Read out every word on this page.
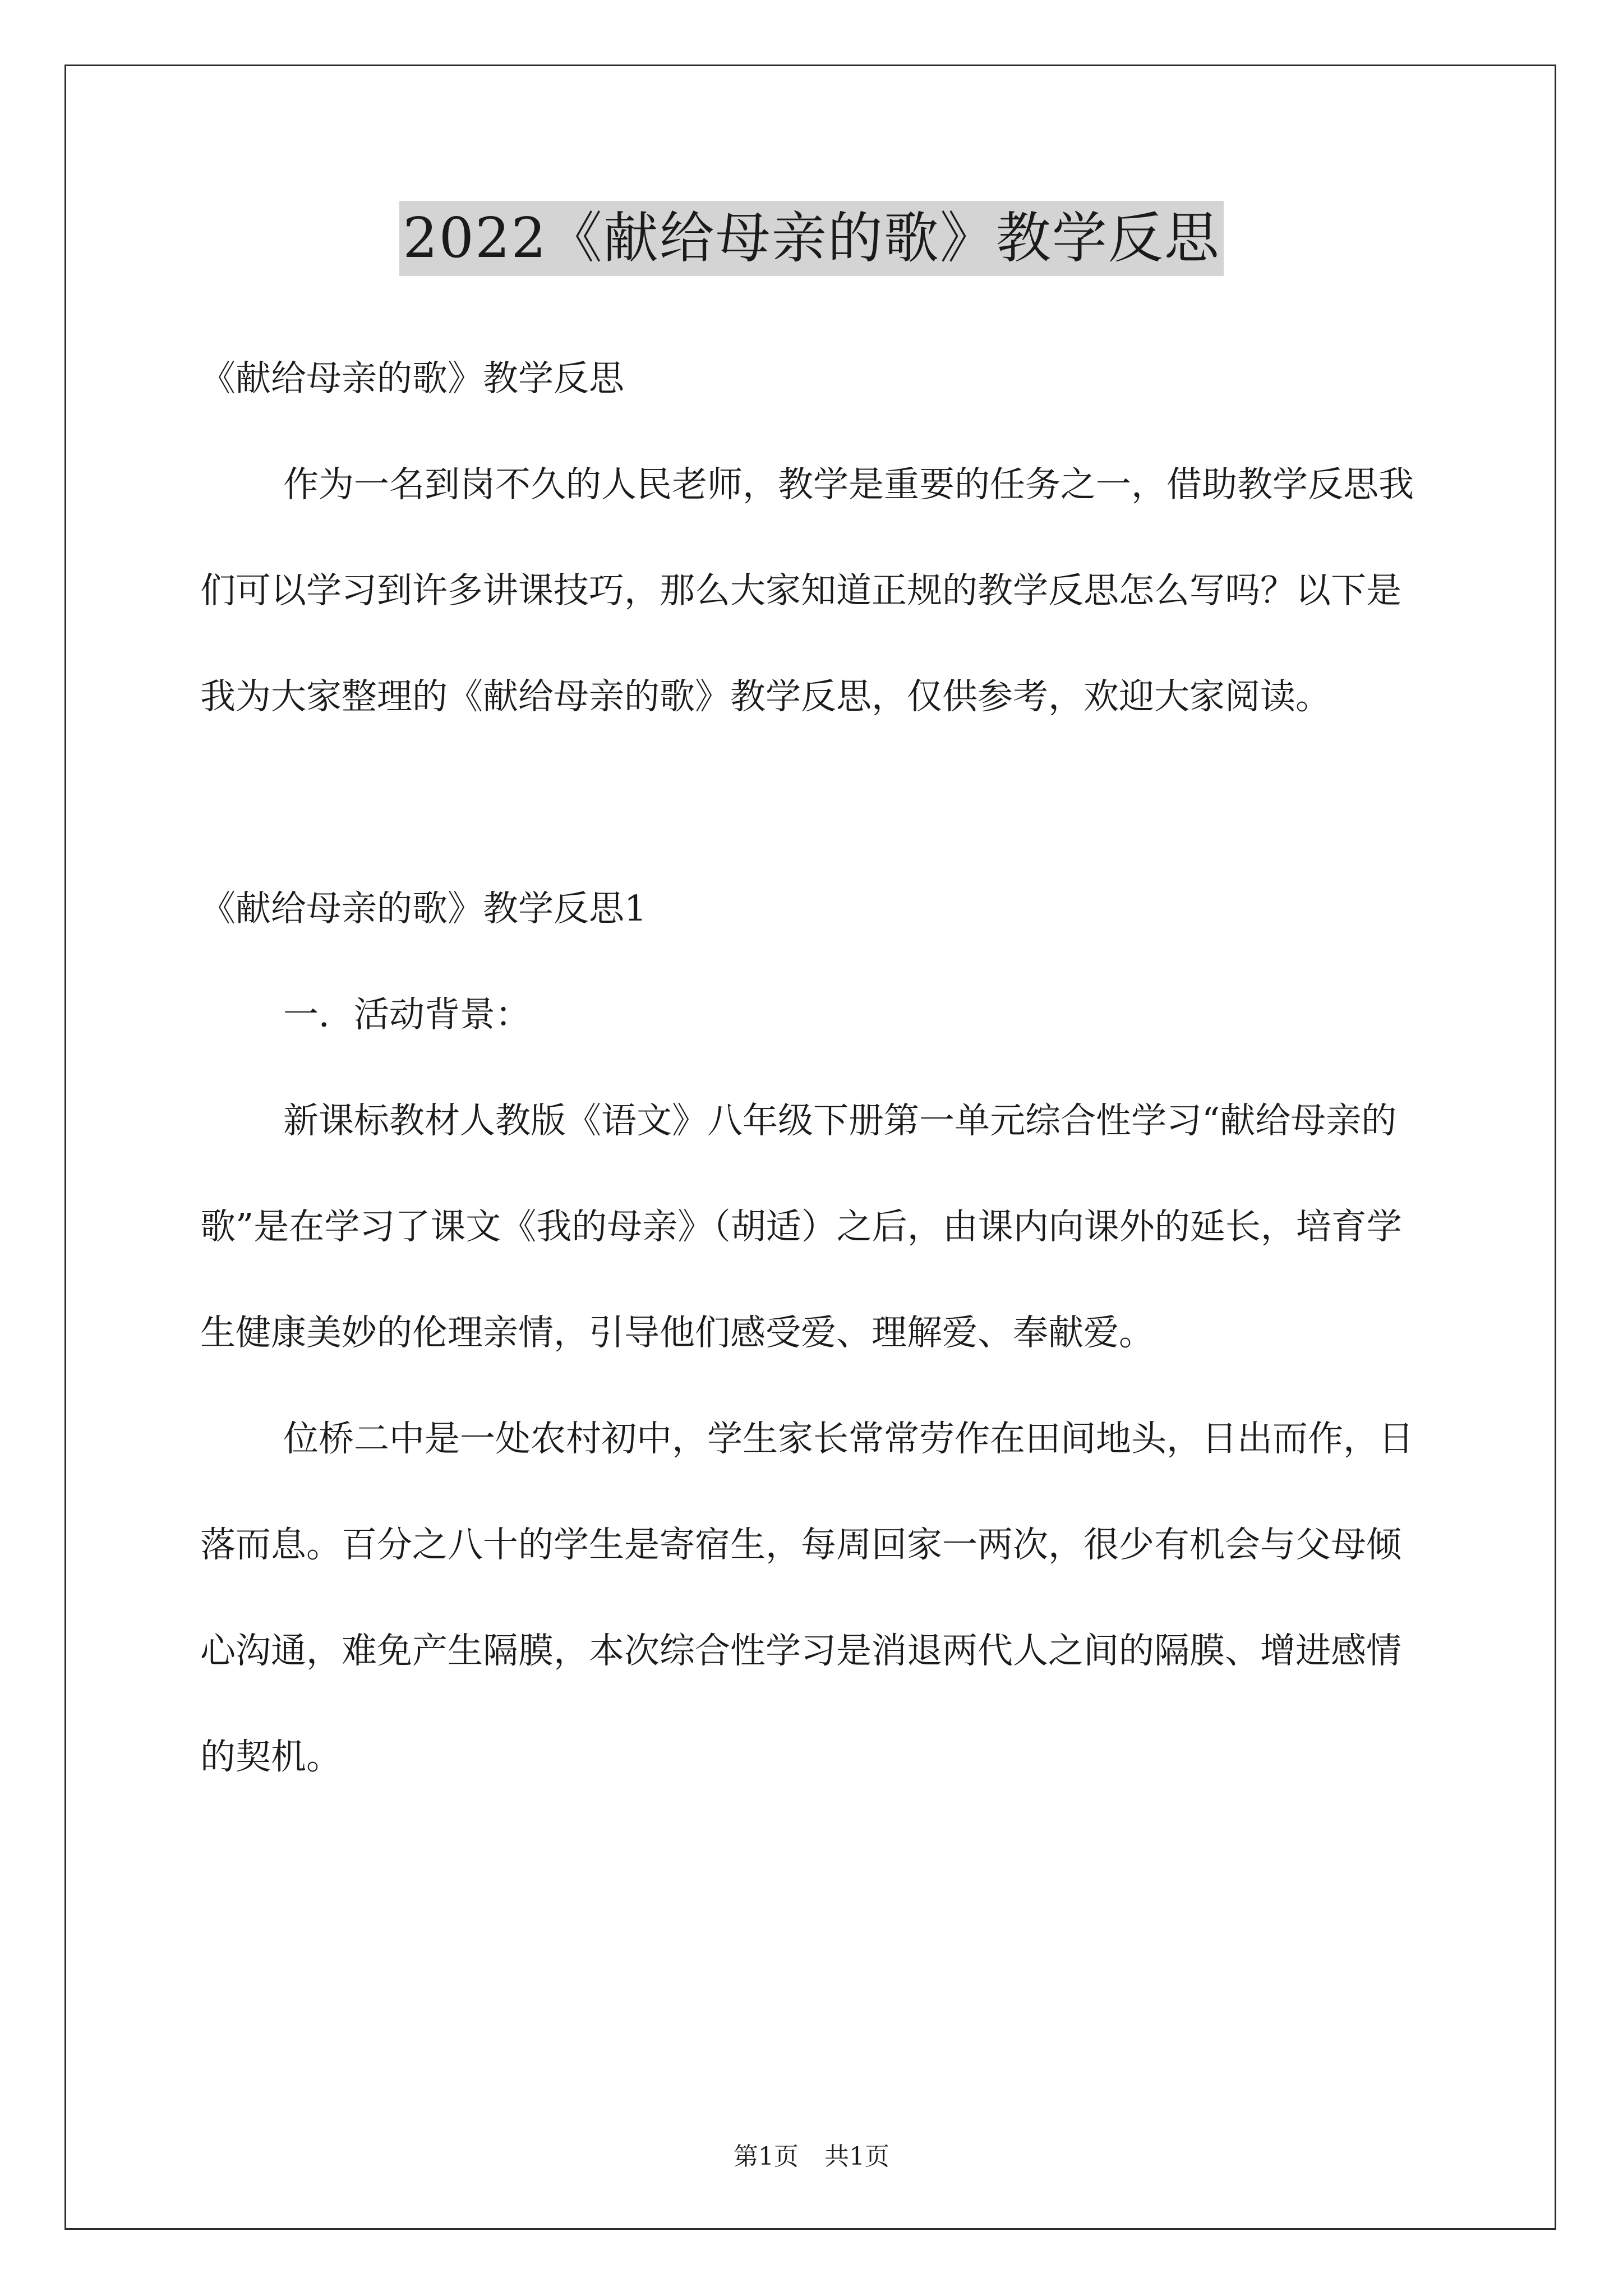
2022《献给母亲的歌》教学反思

《献给母亲的歌》教学反思

作为一名到岗不久的人民老师，教学是重要的任务之一，借助教学反思我们可以学习到许多讲课技巧，那么大家知道正规的教学反思怎么写吗？以下是我为大家整理的《献给母亲的歌》教学反思，仅供参考，欢迎大家阅读。

《献给母亲的歌》教学反思1

一．活动背景：

新课标教材人教版《语文》八年级下册第一单元综合性学习“献给母亲的歌”是在学习了课文《我的母亲》（胡适）之后，由课内向课外的延长，培育学生健康美妙的伦理亲情，引导他们感受爱、理解爱、奉献爱。

位桥二中是一处农村初中，学生家长常常劳作在田间地头，日出而作，日落而息。百分之八十的学生是寄宿生，每周回家一两次，很少有机会与父母倾心沟通，难免产生隔膜，本次综合性学习是消退两代人之间的隔膜、增进感情的契机。

第1页 共1页
